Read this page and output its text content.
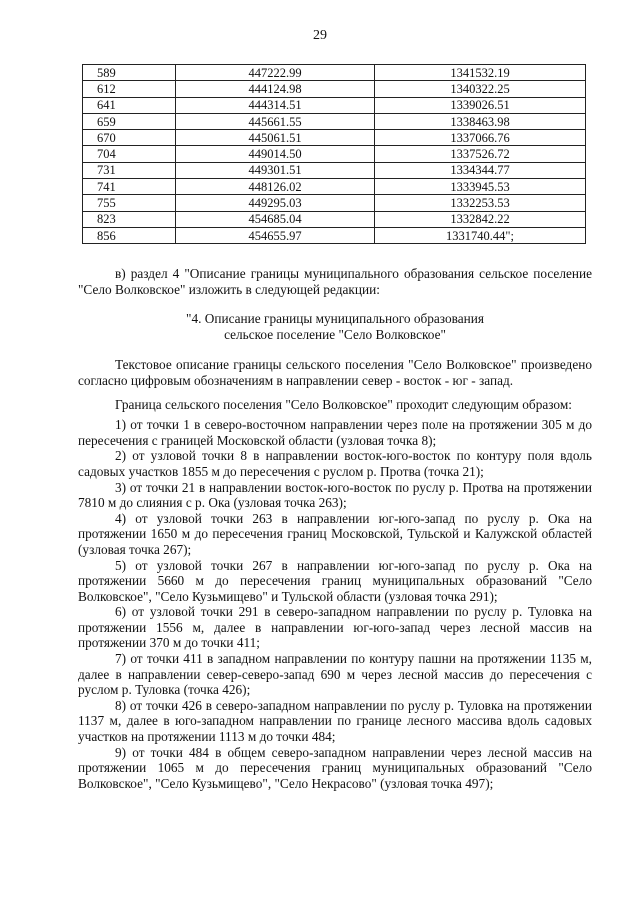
29
589	447222.99	1341532.19
612	444124.98	1340322.25
641	444314.51	1339026.51
659	445661.55	1338463.98
670	445061.51	1337066.76
704	449014.50	1337526.72
731	449301.51	1334344.77
741	448126.02	1333945.53
755	449295.03	1332253.53
823	454685.04	1332842.22
856	454655.97	1331740.44";

в) раздел 4 "Описание границы муниципального образования сельское поселение "Село Волковское" изложить в следующей редакции:

"4. Описание границы муниципального образования

сельское поселение "Село Волковское"

Текстовое описание границы сельского поселения "Село Волковское" произведено согласно цифровым обозначениям в направлении север - восток - юг - запад.

Граница сельского поселения "Село Волковское" проходит следующим образом:

1) от точки 1 в северо-восточном направлении через поле на протяжении 305 м до пересечения с границей Московской области (узловая точка 8);

2) от узловой точки 8 в направлении восток-юго-восток по контуру поля вдоль садовых участков 1855 м до пересечения с руслом р. Протва (точка 21);

3) от точки 21 в направлении восток-юго-восток по руслу р. Протва на протяжении 7810 м до слияния с р. Ока (узловая точка 263);

4) от узловой точки 263 в направлении юг-юго-запад по руслу р. Ока на протяжении 1650 м до пересечения границ Московской, Тульской и Калужской областей (узловая точка 267);

5) от узловой точки 267 в направлении юг-юго-запад по руслу р. Ока на протяжении 5660 м до пересечения границ муниципальных образований "Село Волковское", "Село Кузьмищево" и Тульской области (узловая точка 291);

6) от узловой точки 291 в северо-западном направлении по руслу р. Туловка на протяжении 1556 м, далее в направлении юг-юго-запад через лесной массив на протяжении 370 м до точки 411;

7) от точки 411 в западном направлении по контуру пашни на протяжении 1135 м, далее в направлении север-северо-запад 690 м через лесной массив до пересечения с руслом р. Туловка (точка 426);

8) от точки 426 в северо-западном направлении по руслу р. Туловка на протяжении 1137 м, далее в юго-западном направлении по границе лесного массива вдоль садовых участков на протяжении 1113 м до точки 484;

9) от точки 484 в общем северо-западном направлении через лесной массив на протяжении 1065 м до пересечения границ муниципальных образований "Село Волковское", "Село Кузьмищево", "Село Некрасово" (узловая точка 497);
